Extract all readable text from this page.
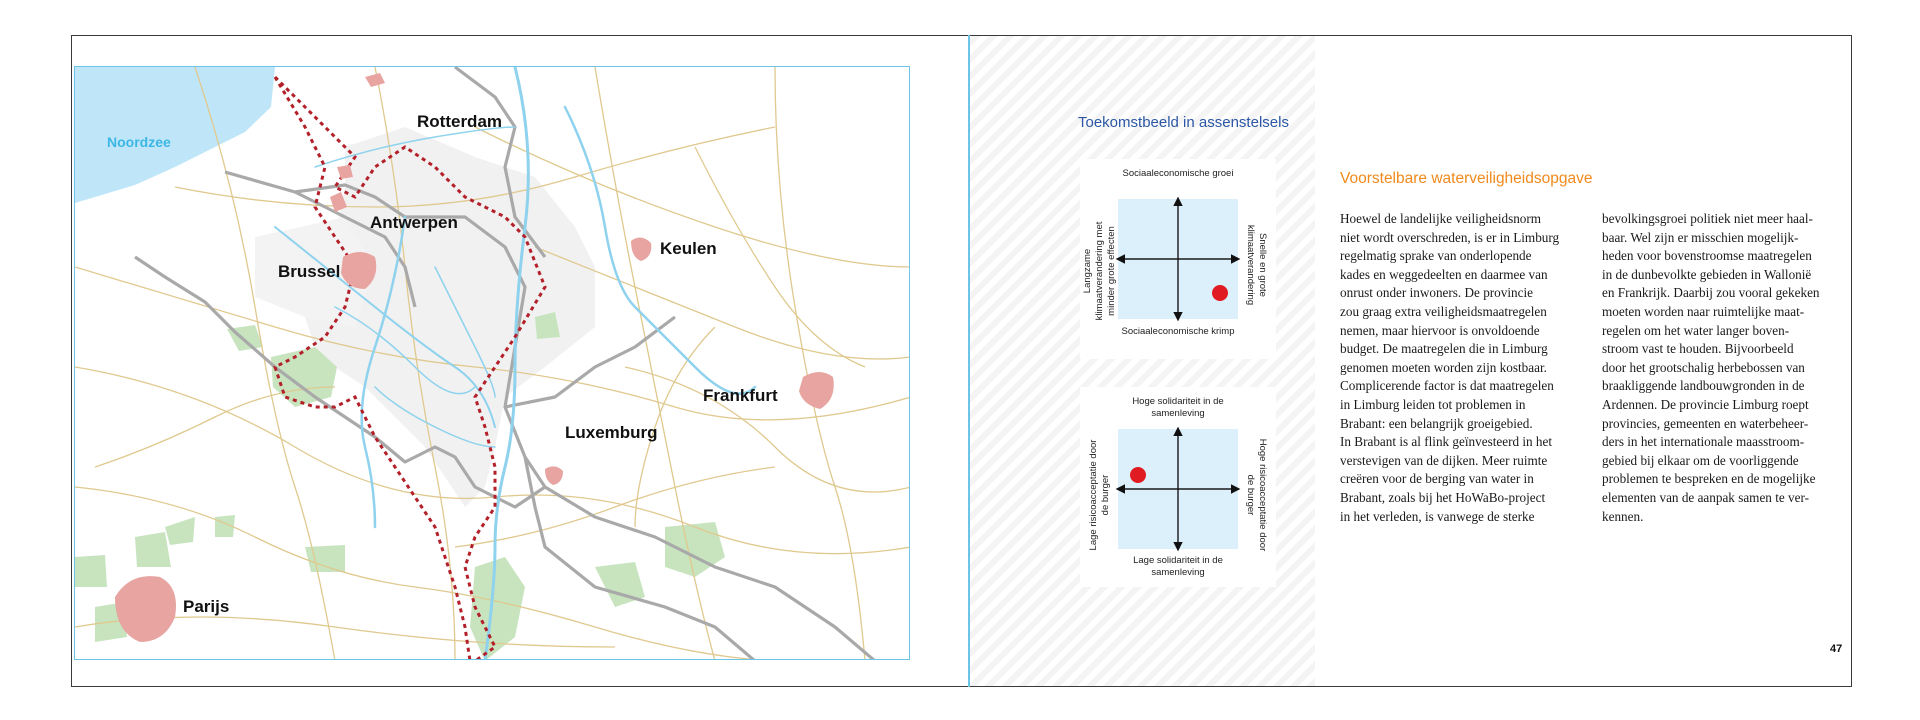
Noordzee
Rotterdam
Antwerpen
Brussel
Keulen
Frankfurt
Luxemburg
Parijs
Toekomstbeeld in assenstelsels
Sociaaleconomische groei
Sociaaleconomische krimp
Langzame klimaatverandering met minder grote effecten	Snelle en grote klimaatverandering
Hoge solidariteit in de samenleving
Lage solidariteit in de samenleving
Lage risicoacceptatie door de burger	Hoge risicoacceptatie door de burger
Voorstelbare waterveiligheidsopgave

Hoewel de landelijke veiligheidsnorm

niet wordt overschreden, is er in Limburg

regelmatig sprake van onderlopende

kades en weggedeelten en daarmee van

onrust onder inwoners. De provincie

zou graag extra veiligheidsmaatregelen

nemen, maar hiervoor is onvoldoende

budget. De maatregelen die in Limburg

genomen moeten worden zijn kostbaar.

Complicerende factor is dat maatregelen

in Limburg leiden tot problemen in

Brabant: een belangrijk groeigebied.

In Brabant is al flink geïnvesteerd in het

verstevigen van de dijken. Meer ruimte

creëren voor de berging van water in

Brabant, zoals bij het HoWaBo-project

in het verleden, is vanwege de sterke

bevolkingsgroei politiek niet meer haal-

baar. Wel zijn er misschien mogelijk-

heden voor bovenstroomse maatregelen

in de dunbevolkte gebieden in Wallonië

en Frankrijk. Daarbij zou vooral gekeken

moeten worden naar ruimtelijke maat-

regelen om het water langer boven-

stroom vast te houden. Bijvoorbeeld

door het grootschalig herbebossen van

braakliggende landbouwgronden in de

Ardennen. De provincie Limburg roept

provincies, gemeenten en waterbeheer-

ders in het internationale maasstroom-

gebied bij elkaar om de voorliggende

problemen te bespreken en de mogelijke

elementen van de aanpak samen te ver-

kennen.

47
